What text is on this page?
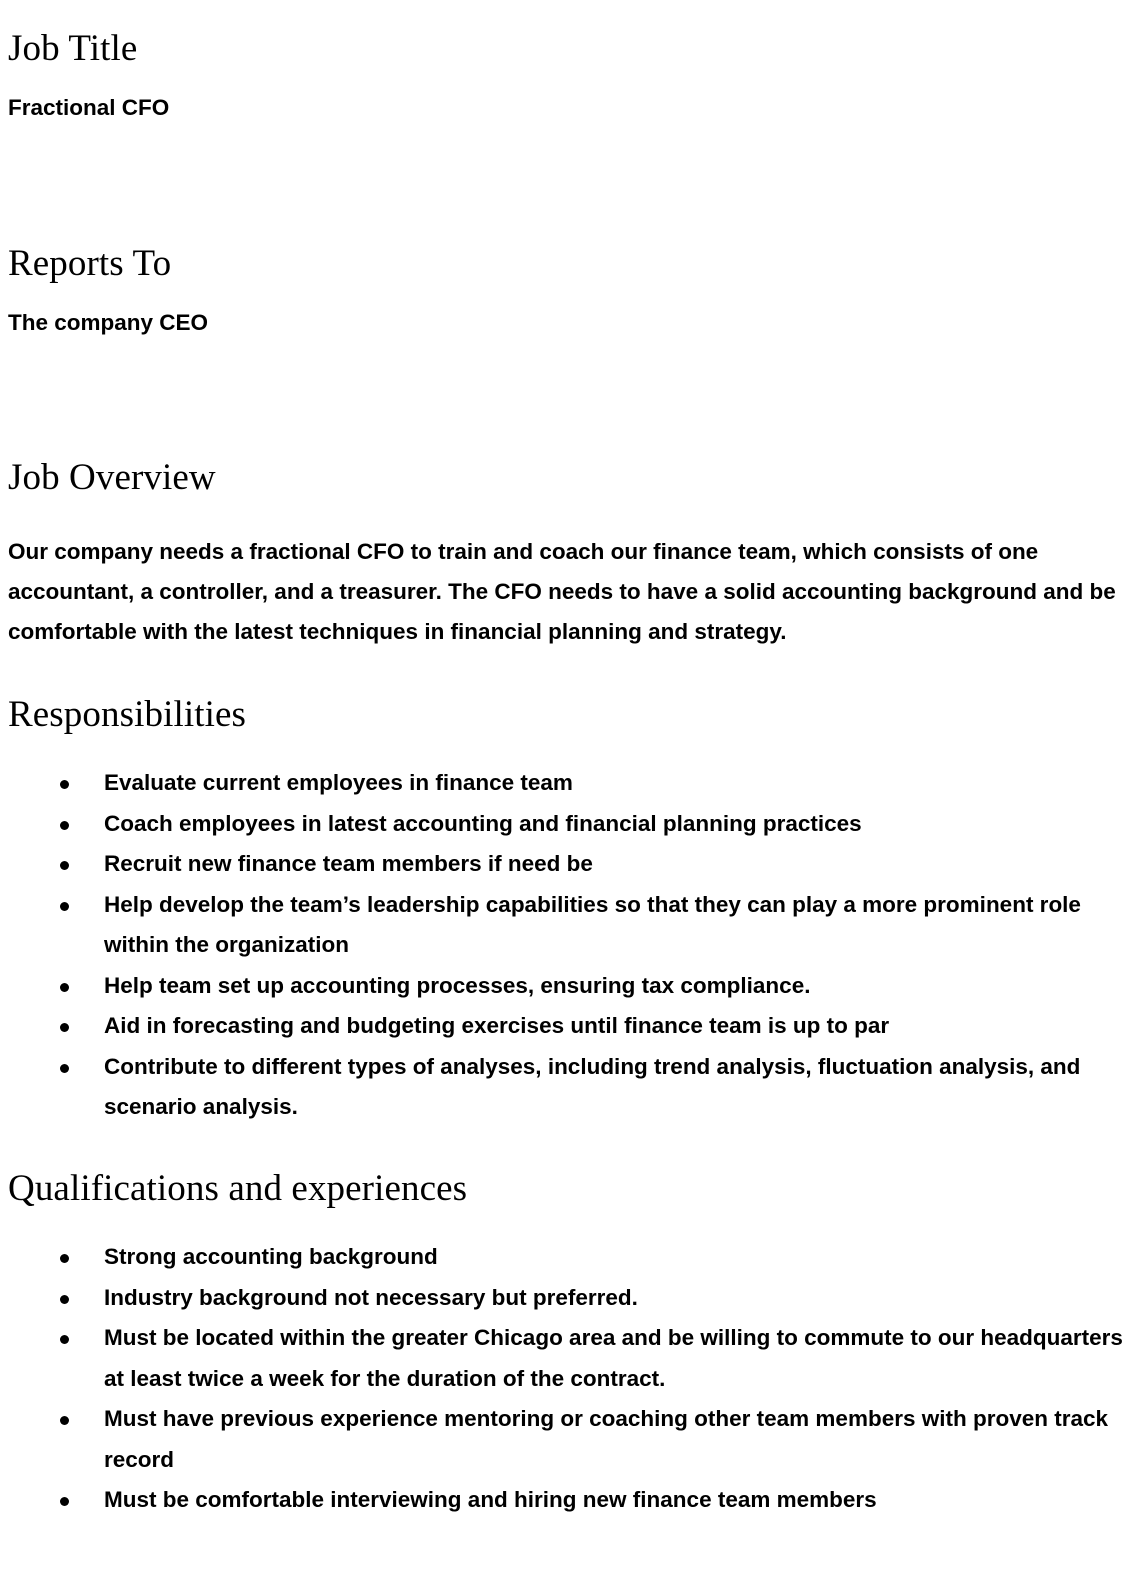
Job Title

Fractional CFO

Reports To

The company CEO

Job Overview

Our company needs a fractional CFO to train and coach our finance team, which consists of one accountant, a controller, and a treasurer. The CFO needs to have a solid accounting background and be comfortable with the latest techniques in financial planning and strategy.

Responsibilities
Evaluate current employees in finance team
Coach employees in latest accounting and financial planning practices
Recruit new finance team members if need be
Help develop the team’s leadership capabilities so that they can play a more prominent role within the organization
Help team set up accounting processes, ensuring tax compliance.
Aid in forecasting and budgeting exercises until finance team is up to par
Contribute to different types of analyses, including trend analysis, fluctuation analysis, and scenario analysis.
Qualifications and experiences
Strong accounting background
Industry background not necessary but preferred.
Must be located within the greater Chicago area and be willing to commute to our headquarters at least twice a week for the duration of the contract.
Must have previous experience mentoring or coaching other team members with proven track record
Must be comfortable interviewing and hiring new finance team members
